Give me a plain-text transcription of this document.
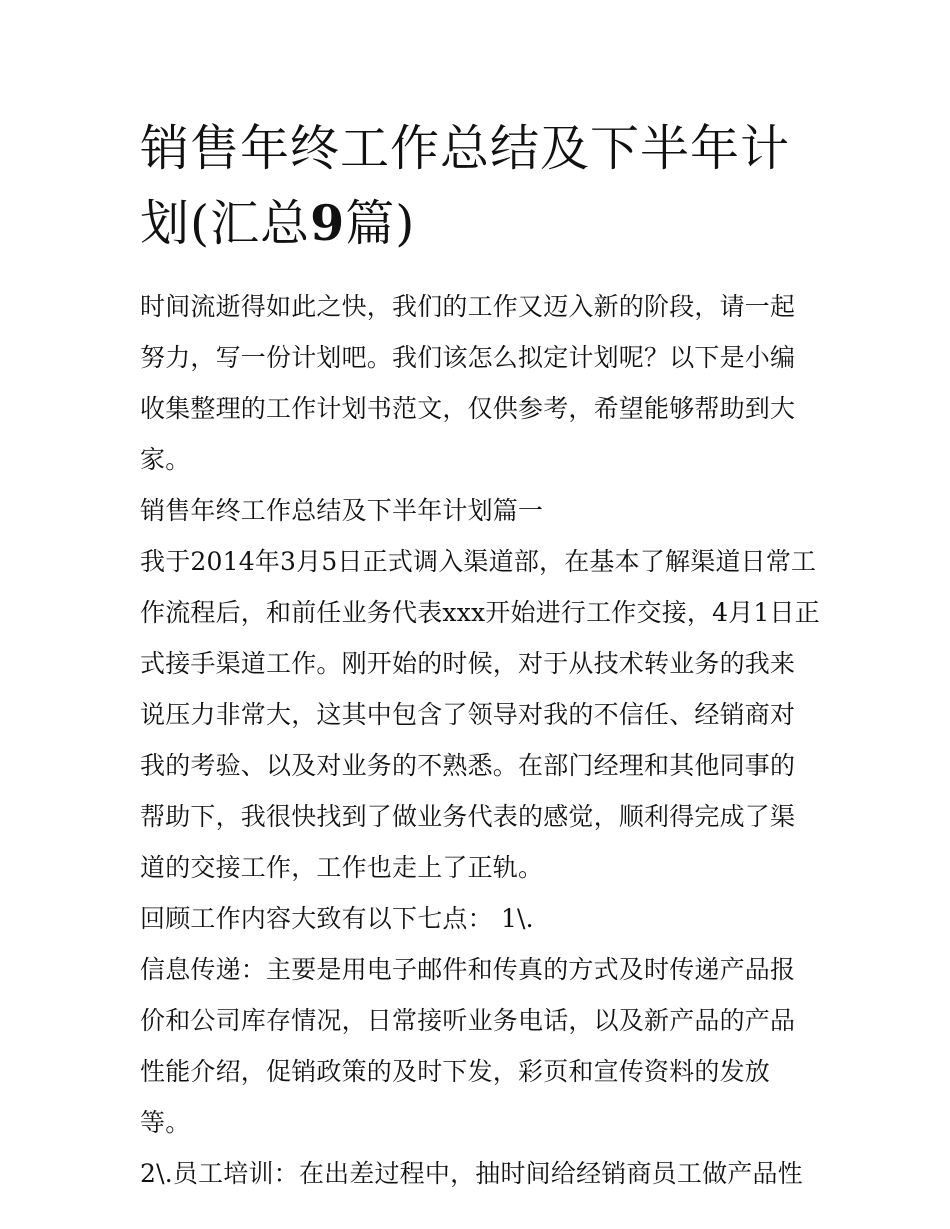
销售年终工作总结及下半年计划(汇总9篇)

时间流逝得如此之快，我们的工作又迈入新的阶段，请一起努力，写一份计划吧。我们该怎么拟定计划呢？以下是小编收集整理的工作计划书范文，仅供参考，希望能够帮助到大家。

销售年终工作总结及下半年计划篇一

我于2014年3月5日正式调入渠道部，在基本了解渠道日常工作流程后，和前任业务代表xxx开始进行工作交接，4月1日正式接手渠道工作。刚开始的时候，对于从技术转业务的我来说压力非常大，这其中包含了领导对我的不信任、经销商对我的考验、以及对业务的不熟悉。在部门经理和其他同事的帮助下，我很快找到了做业务代表的感觉，顺利得完成了渠道的交接工作，工作也走上了正轨。

回顾工作内容大致有以下七点： 1\.

信息传递：主要是用电子邮件和传真的方式及时传递产品报价和公司库存情况，日常接听业务电话，以及新产品的产品性能介绍，促销政策的及时下发，彩页和宣传资料的发放等。

2\.员工培训：在出差过程中，抽时间给经销商员工做产品性
